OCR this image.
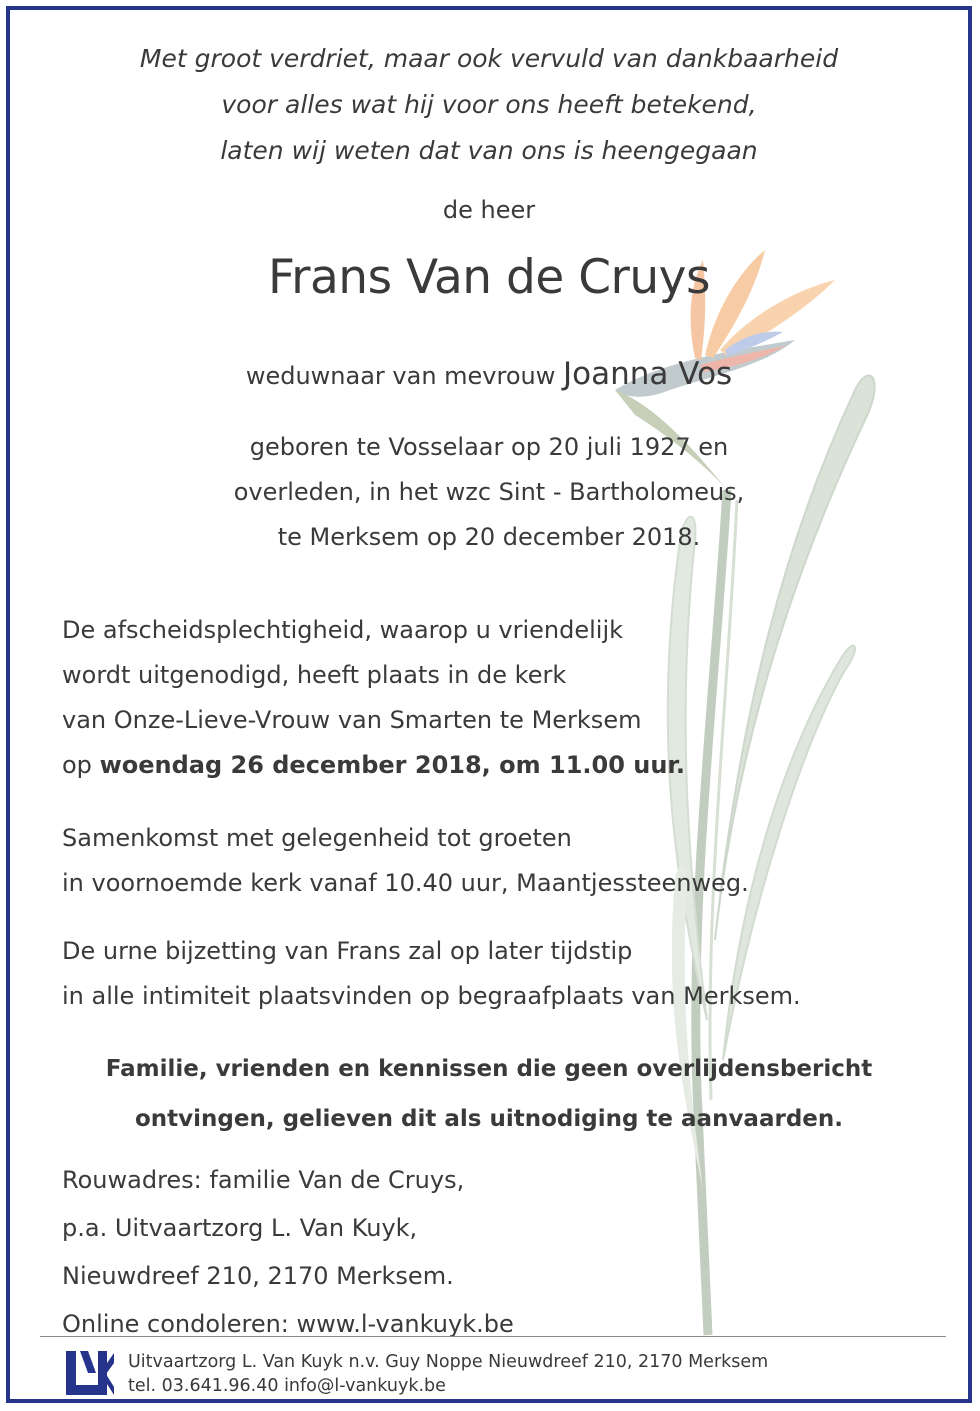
Met groot verdriet, maar ook vervuld van dankbaarheid
voor alles wat hij voor ons heeft betekend,
laten wij weten dat van ons is heengegaan
de heer
Frans Van de Cruys
weduwnaar van mevrouw Joanna Vos
geboren te Vosselaar op 20 juli 1927 en
overleden, in het wzc Sint - Bartholomeus,
te Merksem op 20 december 2018.
De afscheidsplechtigheid, waarop u vriendelijk
wordt uitgenodigd, heeft plaats in de kerk
van Onze-Lieve-Vrouw van Smarten te Merksem
op woendag 26 december 2018, om 11.00 uur.
Samenkomst met gelegenheid tot groeten
in voornoemde kerk vanaf 10.40 uur, Maantjessteenweg.
De urne bijzetting van Frans zal op later tijdstip
in alle intimiteit plaatsvinden op begraafplaats van Merksem.
Familie, vrienden en kennissen die geen overlijdensbericht
ontvingen, gelieven dit als uitnodiging te aanvaarden.
Rouwadres: familie Van de Cruys,
p.a. Uitvaartzorg L. Van Kuyk,
Nieuwdreef 210, 2170 Merksem.
Online condoleren: www.l-vankuyk.be
Uitvaartzorg L. Van Kuyk n.v. Guy Noppe Nieuwdreef 210, 2170 Merksem
tel. 03.641.96.40 info@l-vankuyk.be
